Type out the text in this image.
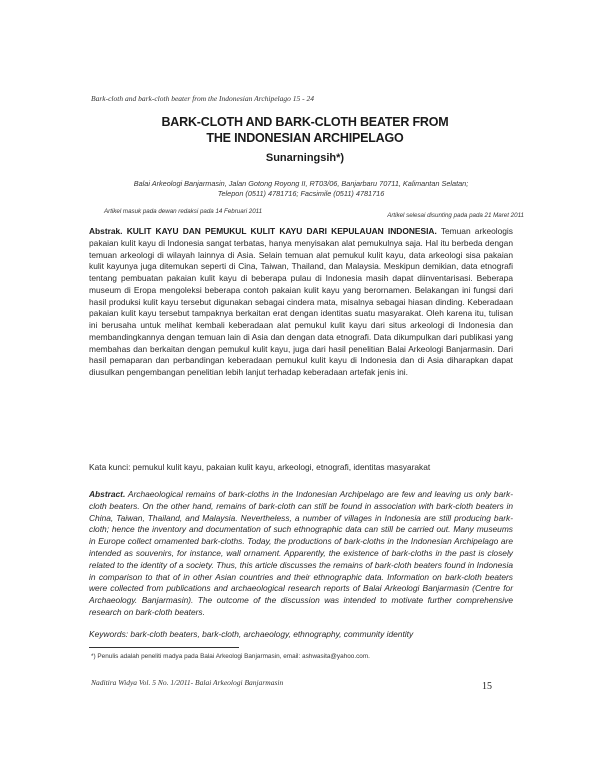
Bark-cloth and bark-cloth beater from the Indonesian Archipelago 15 - 24
BARK-CLOTH AND BARK-CLOTH BEATER FROM
THE INDONESIAN ARCHIPELAGO
Sunarningsih*)
Balai Arkeologi Banjarmasin, Jalan Gotong Royong II, RT03/06, Banjarbaru 70711, Kalimantan Selatan;
Telepon (0511) 4781716; Facsimile (0511) 4781716
Artikel masuk pada dewan redaksi pada 14 Februari 2011
Artikel selesai disunting pada pada 21 Maret 2011
Abstrak. KULIT KAYU DAN PEMUKUL KULIT KAYU DARI KEPULAUAN INDONESIA. Temuan arkeologis pakaian kulit kayu di Indonesia sangat terbatas, hanya menyisakan alat pemukulnya saja. Hal itu berbeda dengan temuan arkeologi di wilayah lainnya di Asia. Selain temuan alat pemukul kulit kayu, data arkeologi sisa pakaian kulit kayunya juga ditemukan seperti di Cina, Taiwan, Thailand, dan Malaysia. Meskipun demikian, data etnografi tentang pembuatan pakaian kulit kayu di beberapa pulau di Indonesia masih dapat diinventarisasi. Beberapa museum di Eropa mengoleksi beberapa contoh pakaian kulit kayu yang berornamen. Belakangan ini fungsi dari hasil produksi kulit kayu tersebut digunakan sebagai cindera mata, misalnya sebagai hiasan dinding. Keberadaan pakaian kulit kayu tersebut tampaknya berkaitan erat dengan identitas suatu masyarakat. Oleh karena itu, tulisan ini berusaha untuk melihat kembali keberadaan alat pemukul kulit kayu dari situs arkeologi di Indonesia dan membandingkannya dengan temuan lain di Asia dan dengan data etnografi. Data dikumpulkan dari publikasi yang membahas dan berkaitan dengan pemukul kulit kayu, juga dari hasil penelitian Balai Arkeologi Banjarmasin. Dari hasil pemaparan dan perbandingan keberadaan pemukul kulit kayu di Indonesia dan di Asia diharapkan dapat diusulkan pengembangan penelitian lebih lanjut terhadap keberadaan artefak jenis ini.
Kata kunci: pemukul kulit kayu, pakaian kulit kayu, arkeologi, etnografi, identitas masyarakat
Abstract. Archaeological remains of bark-cloths in the Indonesian Archipelago are few and leaving us only bark-cloth beaters. On the other hand, remains of bark-cloth can still be found in association with bark-cloth beaters in China, Taiwan, Thailand, and Malaysia. Nevertheless, a number of villages in Indonesia are still producing bark-cloth; hence the inventory and documentation of such ethnographic data can still be carried out. Many museums in Europe collect ornamented bark-cloths. Today, the productions of bark-cloths in the Indonesian Archipelago are intended as souvenirs, for instance, wall ornament. Apparently, the existence of bark-cloths in the past is closely related to the identity of a society. Thus, this article discusses the remains of bark-cloth beaters found in Indonesia in comparison to that of in other Asian countries and their ethnographic data. Information on bark-cloth beaters were collected from publications and archaeological research reports of Balai Arkeologi Banjarmasin (Centre for Archaeology. Banjarmasin). The outcome of the discussion was intended to motivate further comprehensive research on bark-cloth beaters.
Keywords: bark-cloth beaters, bark-cloth, archaeology, ethnography, community identity
*) Penulis adalah peneliti madya pada Balai Arkeologi Banjarmasin, email: ashwasita@yahoo.com.
Naditira Widya Vol. 5 No. 1/2011- Balai Arkeologi Banjarmasin	15
